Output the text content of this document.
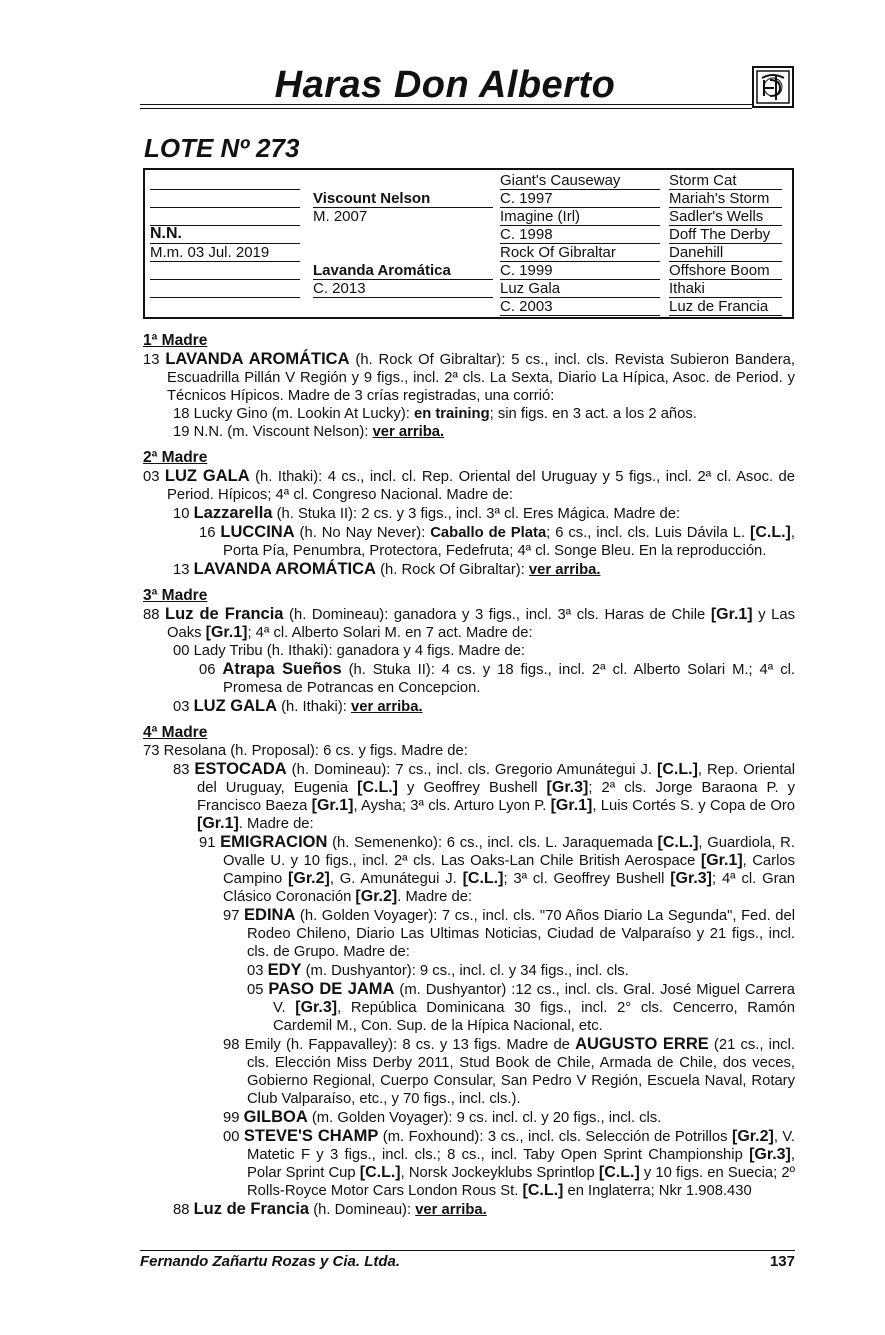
Haras Don Alberto
LOTE Nº 273
Viscount Nelson
M. 2007
N.N.
M.m. 03 Jul. 2019
Lavanda Aromática
C. 2013
Giant's Causeway
C. 1997
Imagine (Irl)
C. 1998
Rock Of Gibraltar
C. 1999
Luz Gala
C. 2003
Storm Cat
Mariah's Storm
Sadler's Wells
Doff The Derby
Danehill
Offshore Boom
Ithaki
Luz de Francia
1ª Madre
13 LAVANDA AROMÁTICA (h. Rock Of Gibraltar): 5 cs., incl. cls. Revista Subieron Bandera, Escuadrilla Pillán V Región y 9 figs., incl. 2ª cls. La Sexta, Diario La Hípica, Asoc. de Period. y Técnicos Hípicos. Madre de 3 crías registradas, una corrió:
18 Lucky Gino (m. Lookin At Lucky): en training; sin figs. en 3 act. a los 2 años.
19 N.N. (m. Viscount Nelson): ver arriba.
2ª Madre
03 LUZ GALA (h. Ithaki): 4 cs., incl. cl. Rep. Oriental del Uruguay y 5 figs., incl. 2ª cl. Asoc. de Period. Hípicos; 4ª cl. Congreso Nacional. Madre de:
10 Lazzarella (h. Stuka II): 2 cs. y 3 figs., incl. 3ª cl. Eres Mágica. Madre de:
16 LUCCINA (h. No Nay Never): Caballo de Plata; 6 cs., incl. cls. Luis Dávila L. [C.L.], Porta Pía, Penumbra, Protectora, Fedefruta; 4ª cl. Songe Bleu. En la reproducción.
13 LAVANDA AROMÁTICA (h. Rock Of Gibraltar): ver arriba.
3ª Madre
88 Luz de Francia (h. Domineau): ganadora y 3 figs., incl. 3ª cls. Haras de Chile [Gr.1] y Las Oaks [Gr.1]; 4ª cl. Alberto Solari M. en 7 act. Madre de:
00 Lady Tribu (h. Ithaki): ganadora y 4 figs. Madre de:
06 Atrapa Sueños (h. Stuka II): 4 cs. y 18 figs., incl. 2ª cl. Alberto Solari M.; 4ª cl. Promesa de Potrancas en Concepcion.
03 LUZ GALA (h. Ithaki): ver arriba.
4ª Madre
73 Resolana (h. Proposal): 6 cs. y figs. Madre de:
83 ESTOCADA (h. Domineau): 7 cs., incl. cls. Gregorio Amunátegui J. [C.L.], Rep. Oriental del Uruguay, Eugenia [C.L.] y Geoffrey Bushell [Gr.3]; 2ª cls. Jorge Baraona P. y Francisco Baeza [Gr.1], Aysha; 3ª cls. Arturo Lyon P. [Gr.1], Luis Cortés S. y Copa de Oro [Gr.1]. Madre de:
91 EMIGRACION (h. Semenenko): 6 cs., incl. cls. L. Jaraquemada [C.L.], Guardiola, R. Ovalle U. y 10 figs., incl. 2ª cls. Las Oaks-Lan Chile British Aerospace [Gr.1], Carlos Campino [Gr.2], G. Amunátegui J. [C.L.]; 3ª cl. Geoffrey Bushell [Gr.3]; 4ª cl. Gran Clásico Coronación [Gr.2]. Madre de:
97 EDINA (h. Golden Voyager): 7 cs., incl. cls. "70 Años Diario La Segunda", Fed. del Rodeo Chileno, Diario Las Ultimas Noticias, Ciudad de Valparaíso y 21 figs., incl. cls. de Grupo. Madre de:
03 EDY (m. Dushyantor): 9 cs., incl. cl. y 34 figs., incl. cls.
05 PASO DE JAMA (m. Dushyantor) :12 cs., incl. cls. Gral. José Miguel Carrera V. [Gr.3], República Dominicana 30 figs., incl. 2° cls. Cencerro, Ramón Cardemil M., Con. Sup. de la Hípica Nacional, etc.
98 Emily (h. Fappavalley): 8 cs. y 13 figs. Madre de AUGUSTO ERRE (21 cs., incl. cls. Elección Miss Derby 2011, Stud Book de Chile, Armada de Chile, dos veces, Gobierno Regional, Cuerpo Consular, San Pedro V Región, Escuela Naval, Rotary Club Valparaíso, etc., y 70 figs., incl. cls.).
99 GILBOA (m. Golden Voyager): 9 cs. incl. cl. y 20 figs., incl. cls.
00 STEVE'S CHAMP (m. Foxhound): 3 cs., incl. cls. Selección de Potrillos [Gr.2], V. Matetic F y 3 figs., incl. cls.; 8 cs., incl. Taby Open Sprint Championship [Gr.3], Polar Sprint Cup [C.L.], Norsk Jockeyklubs Sprintlop [C.L.] y 10 figs. en Suecia; 2º Rolls-Royce Motor Cars London Rous St. [C.L.] en Inglaterra; Nkr 1.908.430
88 Luz de Francia (h. Domineau): ver arriba.
Fernando Zañartu Rozas y Cia. Ltda.	137
